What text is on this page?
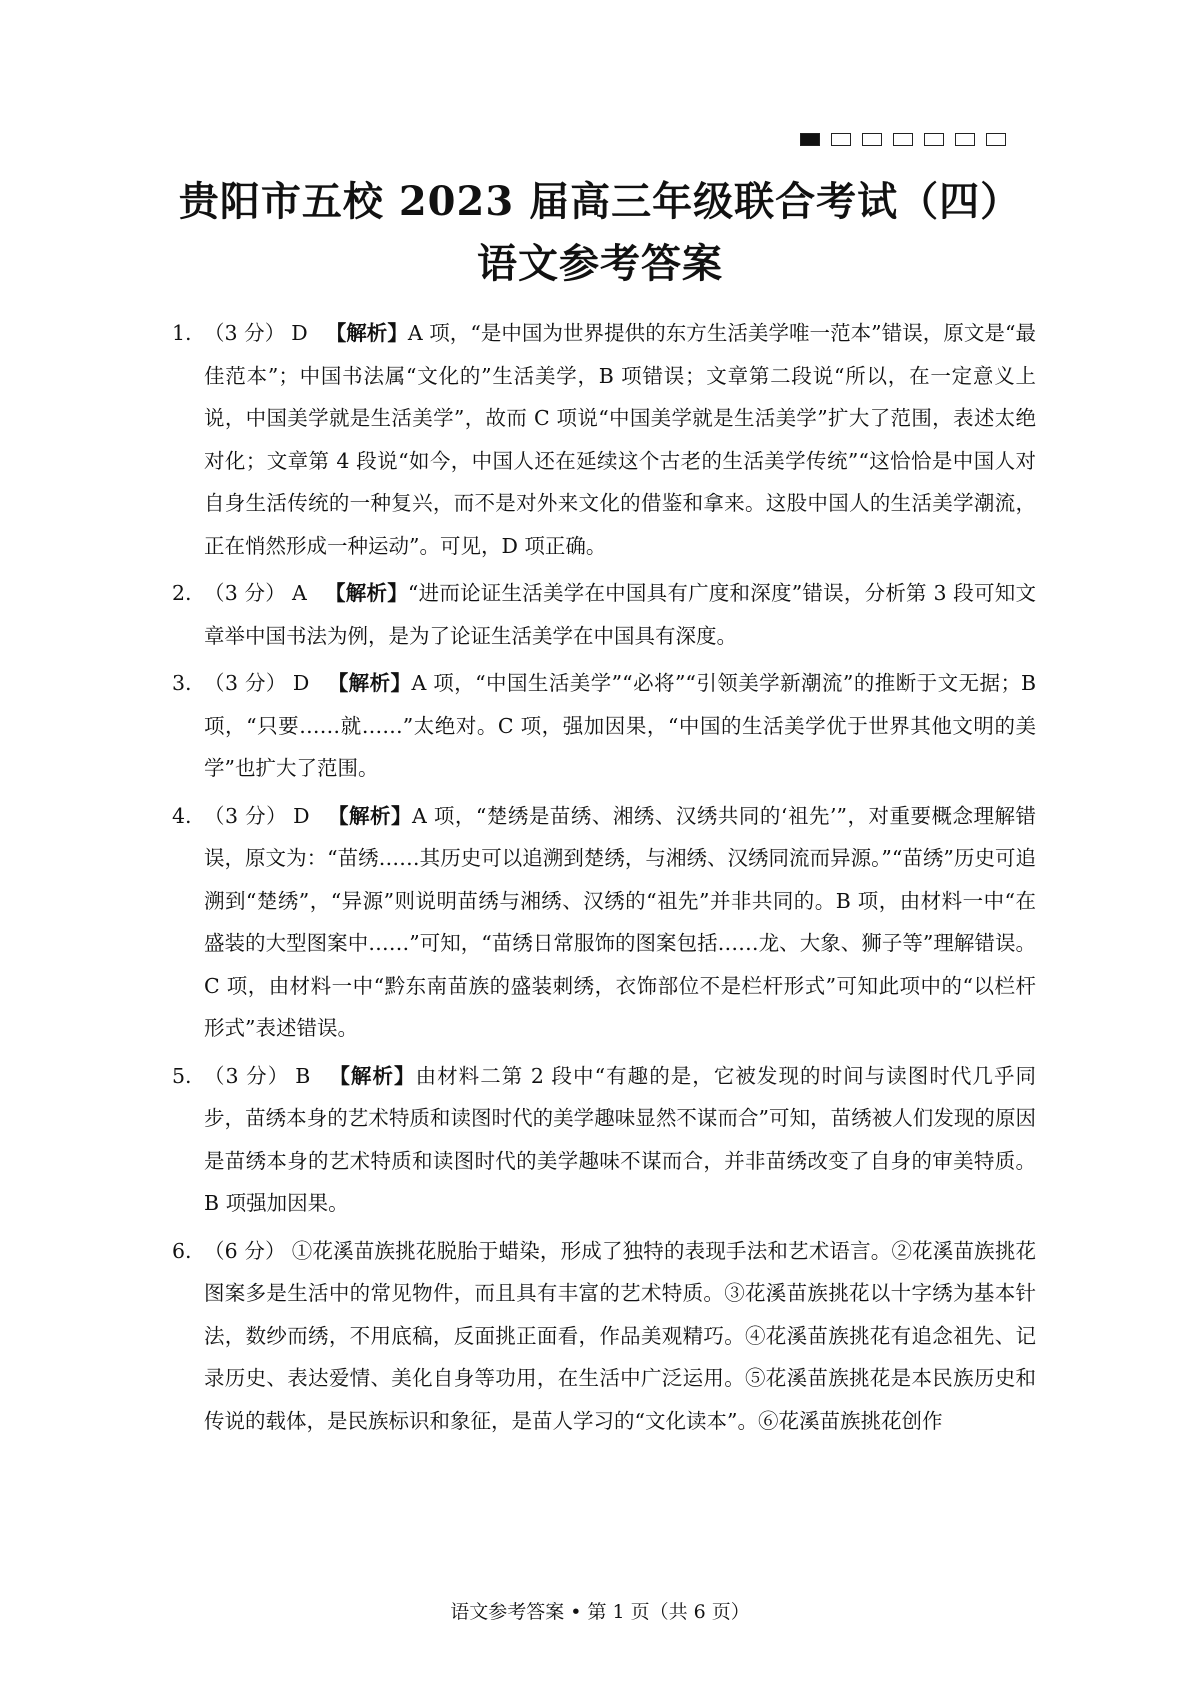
贵阳市五校 2023 届高三年级联合考试（四）
语文参考答案
1. （3 分） D 【解析】A 项，“是中国为世界提供的东方生活美学唯一范本”错误，原文是“最佳范本”；中国书法属“文化的”生活美学，B 项错误；文章第二段说“所以，在一定意义上说，中国美学就是生活美学”，故而 C 项说“中国美学就是生活美学”扩大了范围，表述太绝对化；文章第 4 段说“如今，中国人还在延续这个古老的生活美学传统”“这恰恰是中国人对自身生活传统的一种复兴，而不是对外来文化的借鉴和拿来。这股中国人的生活美学潮流，正在悄然形成一种运动”。可见，D 项正确。
2. （3 分） A 【解析】“进而论证生活美学在中国具有广度和深度”错误，分析第 3 段可知文章举中国书法为例，是为了论证生活美学在中国具有深度。
3. （3 分） D 【解析】A 项，“中国生活美学”“必将”“引领美学新潮流”的推断于文无据；B 项，“只要……就……”太绝对。C 项，强加因果，“中国的生活美学优于世界其他文明的美学”也扩大了范围。
4. （3 分） D 【解析】A 项，“楚绣是苗绣、湘绣、汉绣共同的‘祖先’”，对重要概念理解错误，原文为：“苗绣……其历史可以追溯到楚绣，与湘绣、汉绣同流而异源。”“苗绣”历史可追溯到“楚绣”，“异源”则说明苗绣与湘绣、汉绣的“祖先”并非共同的。B 项，由材料一中“在盛装的大型图案中……”可知，“苗绣日常服饰的图案包括……龙、大象、狮子等”理解错误。C 项，由材料一中“黔东南苗族的盛装刺绣，衣饰部位不是栏杆形式”可知此项中的“以栏杆形式”表述错误。
5. （3 分） B 【解析】由材料二第 2 段中“有趣的是，它被发现的时间与读图时代几乎同步，苗绣本身的艺术特质和读图时代的美学趣味显然不谋而合”可知，苗绣被人们发现的原因是苗绣本身的艺术特质和读图时代的美学趣味不谋而合，并非苗绣改变了自身的审美特质。B 项强加因果。
6. （6 分） ①花溪苗族挑花脱胎于蜡染，形成了独特的表现手法和艺术语言。②花溪苗族挑花图案多是生活中的常见物件，而且具有丰富的艺术特质。③花溪苗族挑花以十字绣为基本针法，数纱而绣，不用底稿，反面挑正面看，作品美观精巧。④花溪苗族挑花有追念祖先、记录历史、表达爱情、美化自身等功用，在生活中广泛运用。⑤花溪苗族挑花是本民族历史和传说的载体，是民族标识和象征，是苗人学习的“文化读本”。⑥花溪苗族挑花创作
语文参考答案 • 第 1 页（共 6 页）
